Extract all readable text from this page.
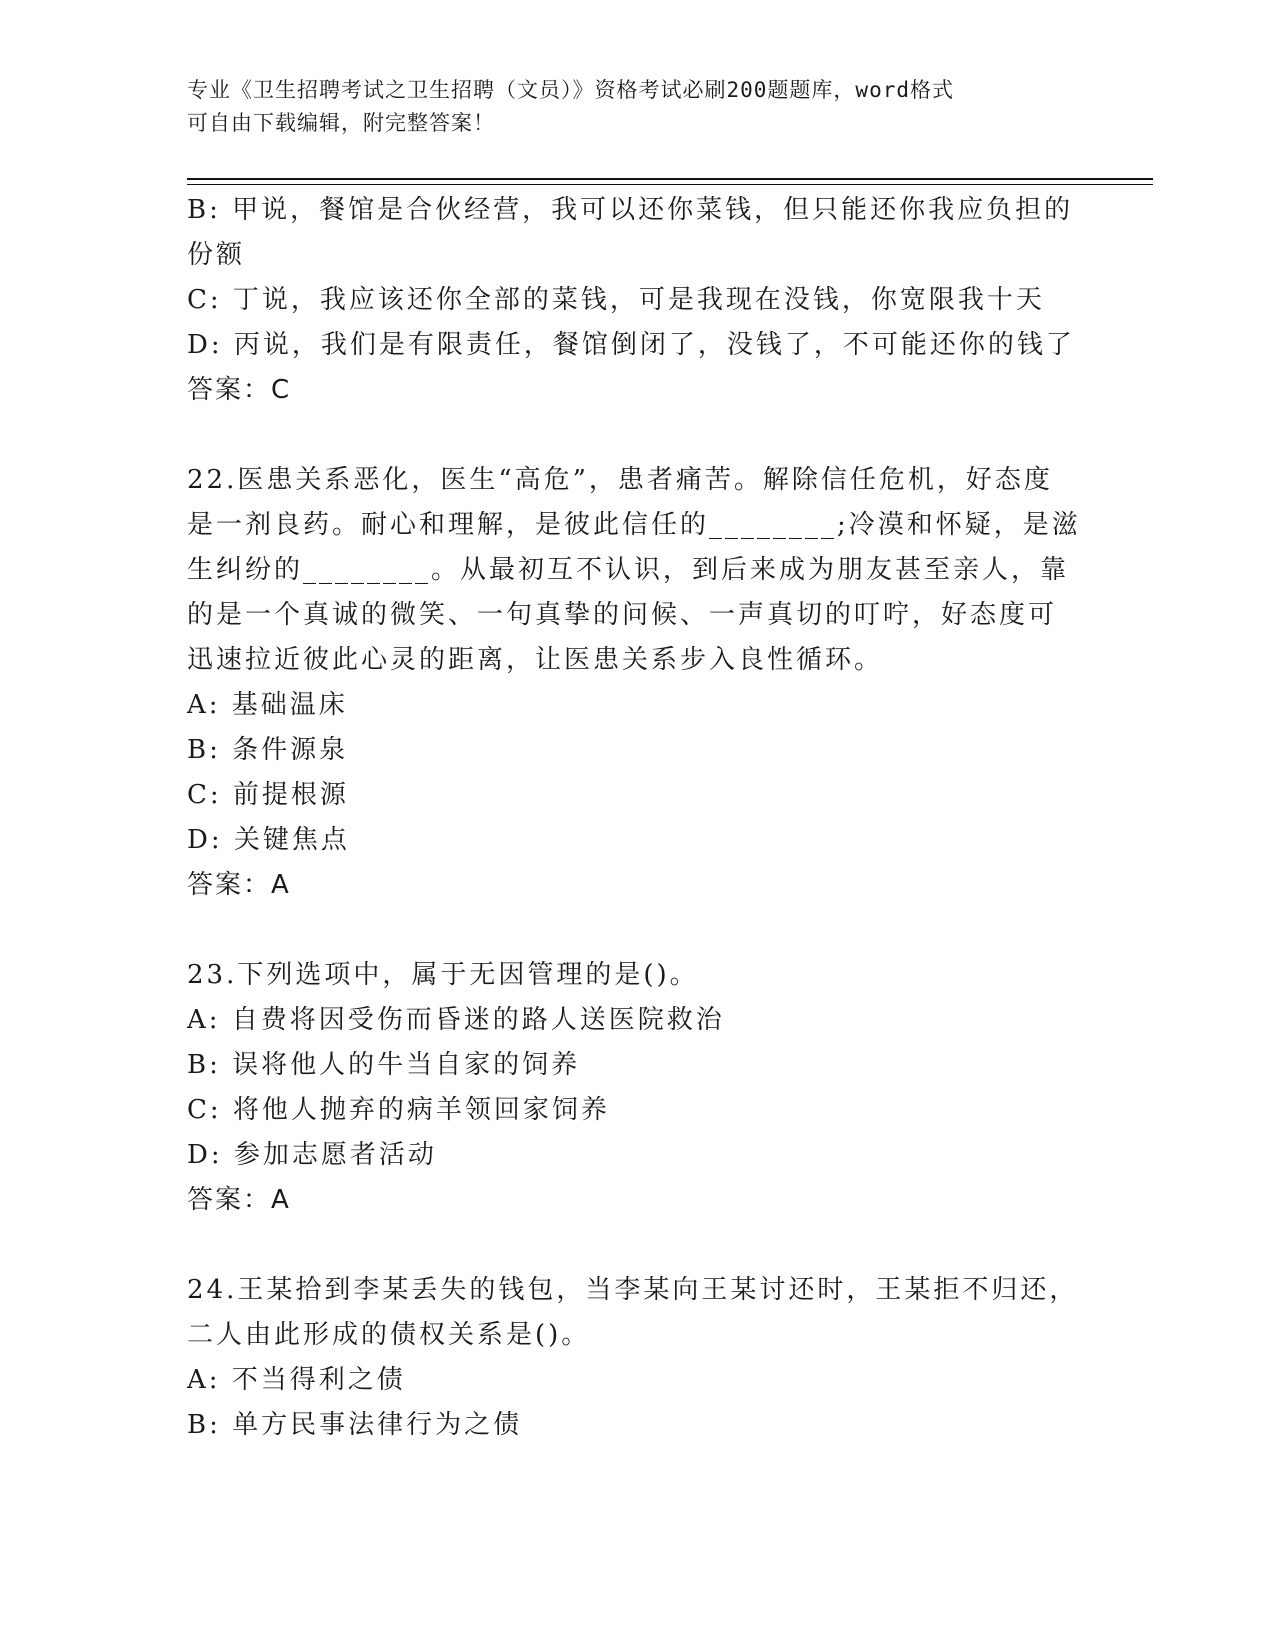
专业《卫生招聘考试之卫生招聘（文员）》资格考试必刷200题题库，word格式
可自由下载编辑，附完整答案！
B: 甲说，餐馆是合伙经营，我可以还你菜钱，但只能还你我应负担的
份额
C: 丁说，我应该还你全部的菜钱，可是我现在没钱，你宽限我十天
D: 丙说，我们是有限责任，餐馆倒闭了，没钱了，不可能还你的钱了
答案：C
22.医患关系恶化，医生“高危”，患者痛苦。解除信任危机，好态度
是一剂良药。耐心和理解，是彼此信任的________;冷漠和怀疑，是滋
生纠纷的________。从最初互不认识，到后来成为朋友甚至亲人，靠
的是一个真诚的微笑、一句真挚的问候、一声真切的叮咛，好态度可
迅速拉近彼此心灵的距离，让医患关系步入良性循环。
A: 基础温床
B: 条件源泉
C: 前提根源
D: 关键焦点
答案：A
23.下列选项中，属于无因管理的是()。
A: 自费将因受伤而昏迷的路人送医院救治
B: 误将他人的牛当自家的饲养
C: 将他人抛弃的病羊领回家饲养
D: 参加志愿者活动
答案：A
24.王某拾到李某丢失的钱包，当李某向王某讨还时，王某拒不归还，
二人由此形成的债权关系是()。
A: 不当得利之债
B: 单方民事法律行为之债
